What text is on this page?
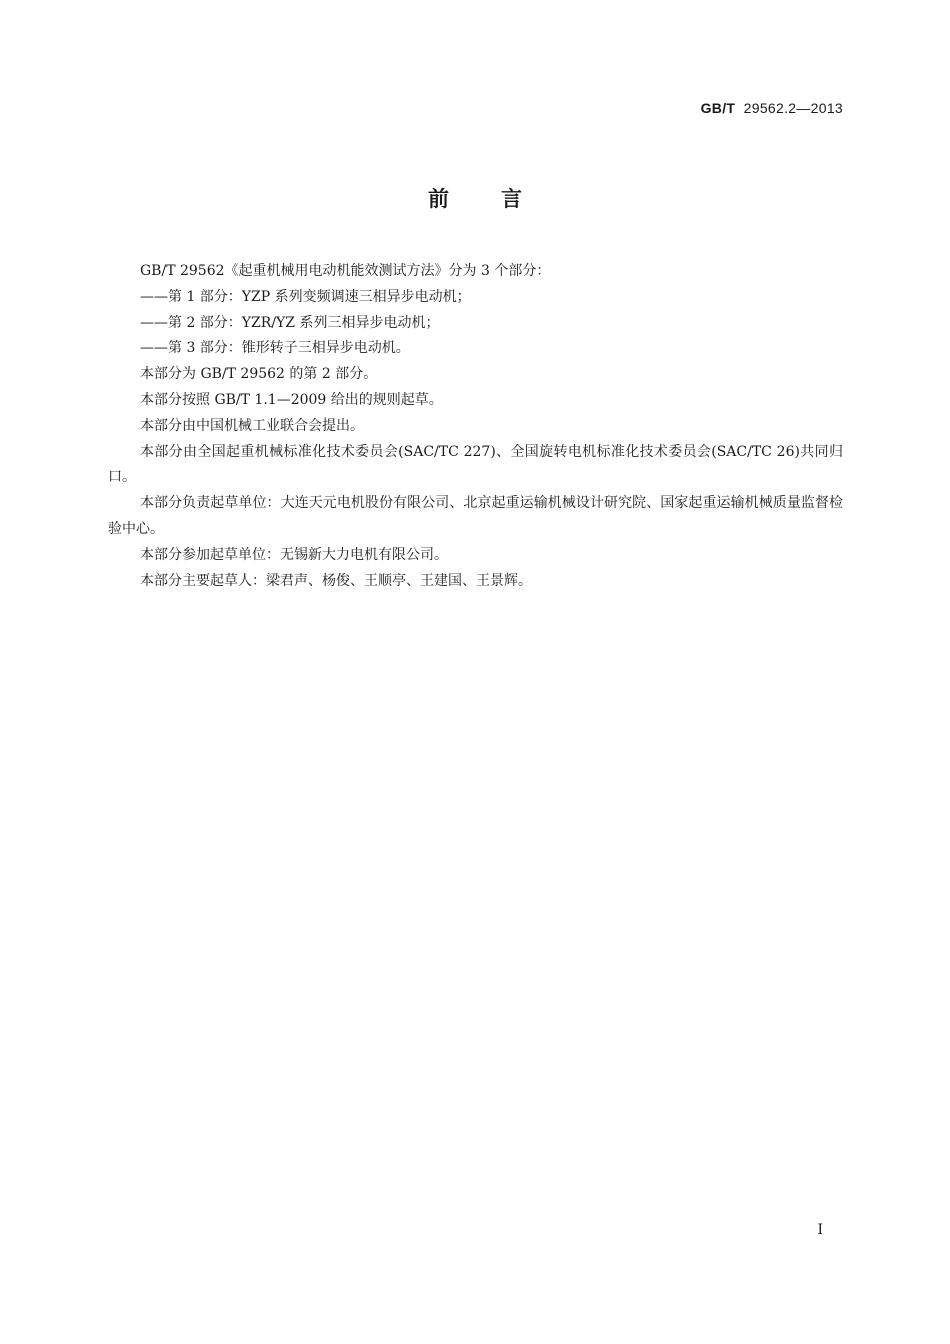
GB/T 29562.2—2013
前言

GB/T 29562《起重机械用电动机能效测试方法》分为 3 个部分：

——第 1 部分：YZP 系列变频调速三相异步电动机；

——第 2 部分：YZR/YZ 系列三相异步电动机；

——第 3 部分：锥形转子三相异步电动机。

本部分为 GB/T 29562 的第 2 部分。

本部分按照 GB/T 1.1—2009 给出的规则起草。

本部分由中国机械工业联合会提出。

本部分由全国起重机械标准化技术委员会(SAC/TC 227)、全国旋转电机标准化技术委员会(SAC/TC 26)共同归口。

本部分负责起草单位：大连天元电机股份有限公司、北京起重运输机械设计研究院、国家起重运输机械质量监督检验中心。

本部分参加起草单位：无锡新大力电机有限公司。

本部分主要起草人：梁君声、杨俊、王顺亭、王建国、王景辉。

I
